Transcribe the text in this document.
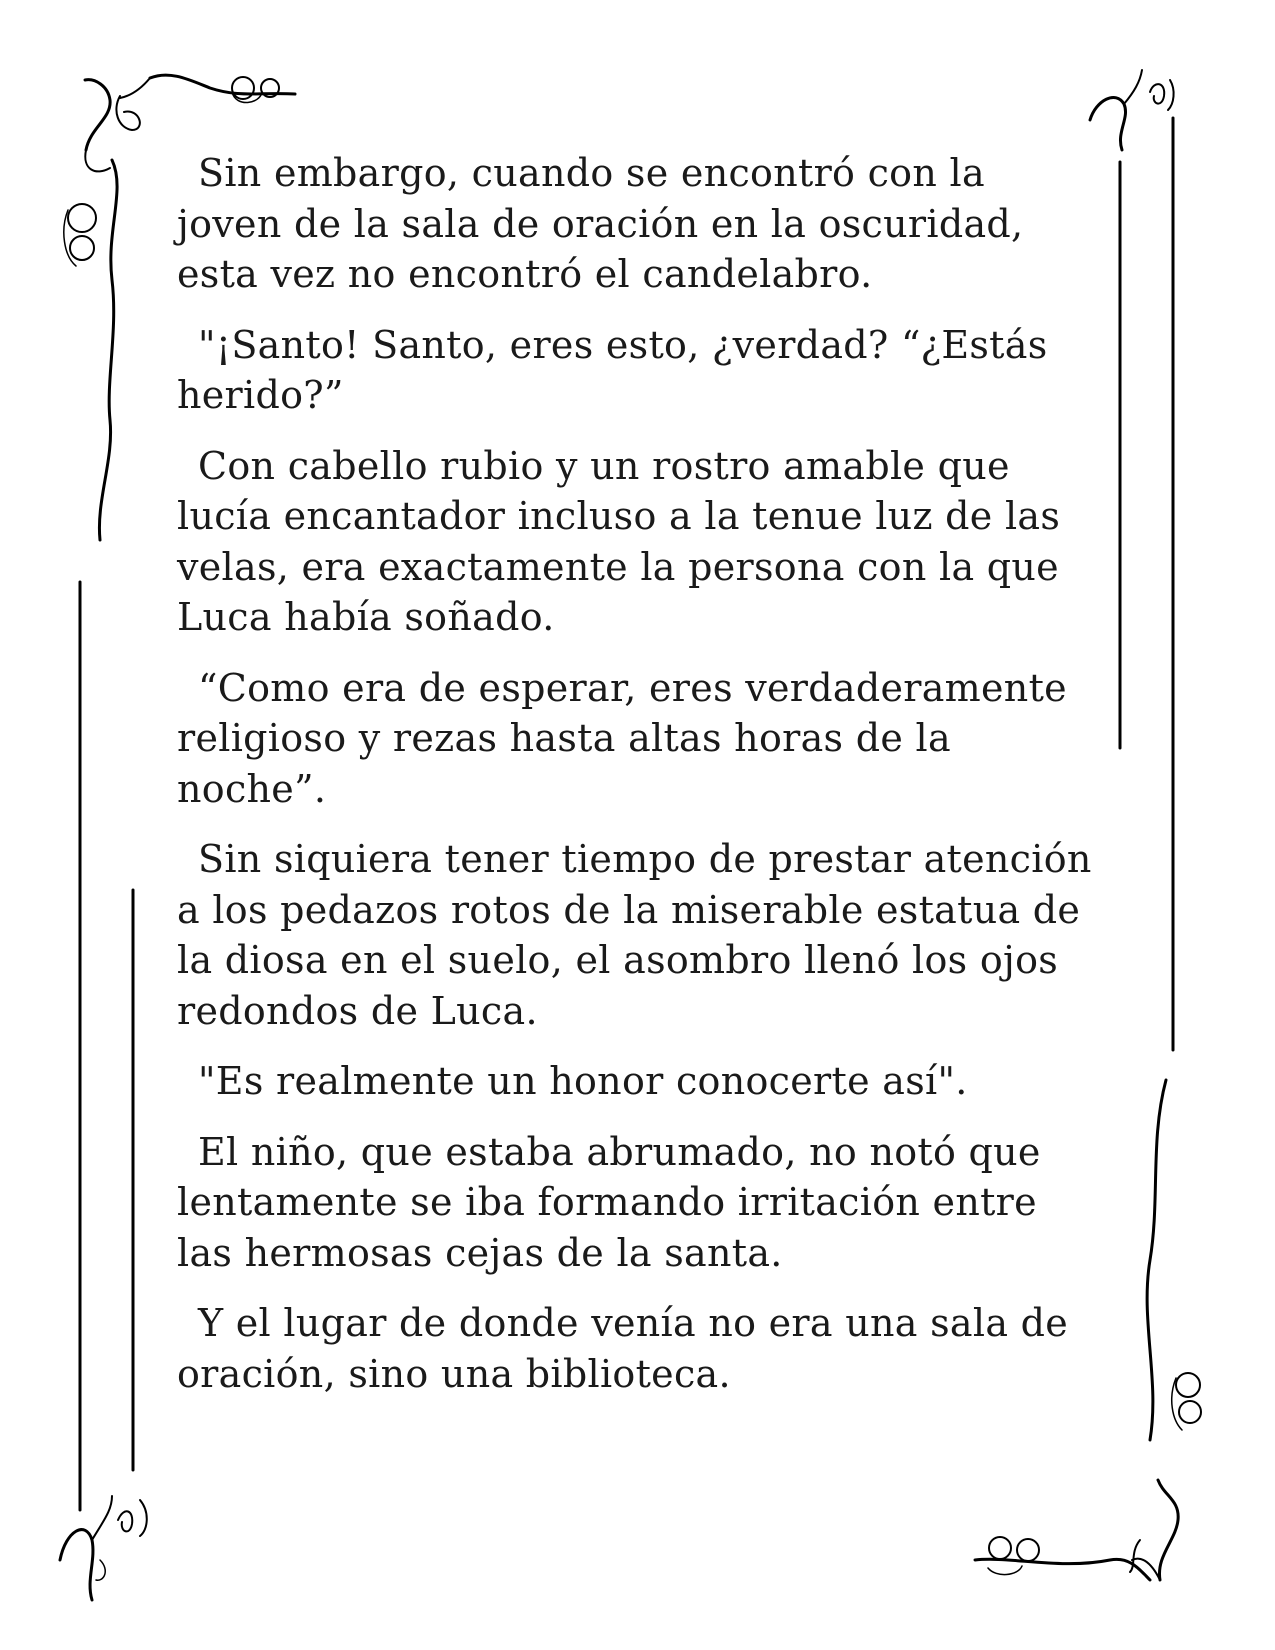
Sin embargo, cuando se encontró con la joven de la sala de oración en la oscuridad, esta vez no encontró el candelabro.

"¡Santo! Santo, eres esto, ¿verdad? “¿Estás herido?”

Con cabello rubio y un rostro amable que lucía encantador incluso a la tenue luz de las velas, era exactamente la persona con la que Luca había soñado.

“Como era de esperar, eres verdaderamente religioso y rezas hasta altas horas de la noche”.

Sin siquiera tener tiempo de prestar atención a los pedazos rotos de la miserable estatua de la diosa en el suelo, el asombro llenó los ojos redondos de Luca.

"Es realmente un honor conocerte así".

El niño, que estaba abrumado, no notó que lentamente se iba formando irritación entre las hermosas cejas de la santa.

Y el lugar de donde venía no era una sala de oración, sino una biblioteca.
